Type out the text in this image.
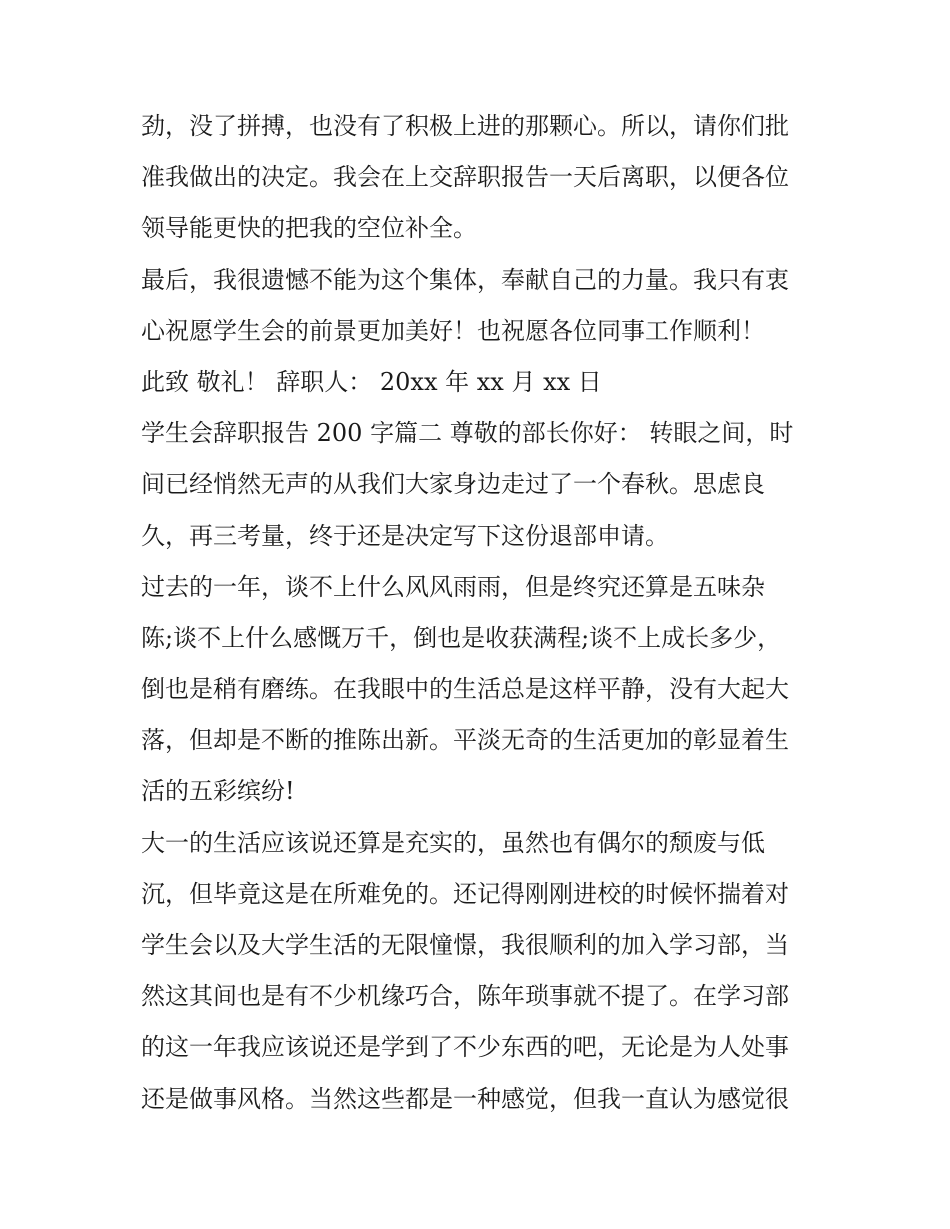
劲，没了拼搏，也没有了积极上进的那颗心。所以，请你们批
准我做出的决定。我会在上交辞职报告一天后离职，以便各位
领导能更快的把我的空位补全。
最后，我很遗憾不能为这个集体，奉献自己的力量。我只有衷
心祝愿学生会的前景更加美好！也祝愿各位同事工作顺利！
此致 敬礼！ 辞职人： 20xx 年 xx 月 xx 日
学生会辞职报告 200 字篇二 尊敬的部长你好： 转眼之间，时
间已经悄然无声的从我们大家身边走过了一个春秋。思虑良
久，再三考量，终于还是决定写下这份退部申请。
过去的一年，谈不上什么风风雨雨，但是终究还算是五味杂
陈;谈不上什么感慨万千，倒也是收获满程;谈不上成长多少，
倒也是稍有磨练。在我眼中的生活总是这样平静，没有大起大
落，但却是不断的推陈出新。平淡无奇的生活更加的彰显着生
活的五彩缤纷!
大一的生活应该说还算是充实的，虽然也有偶尔的颓废与低
沉，但毕竟这是在所难免的。还记得刚刚进校的时候怀揣着对
学生会以及大学生活的无限憧憬，我很顺利的加入学习部，当
然这其间也是有不少机缘巧合，陈年琐事就不提了。在学习部
的这一年我应该说还是学到了不少东西的吧，无论是为人处事
还是做事风格。当然这些都是一种感觉，但我一直认为感觉很
